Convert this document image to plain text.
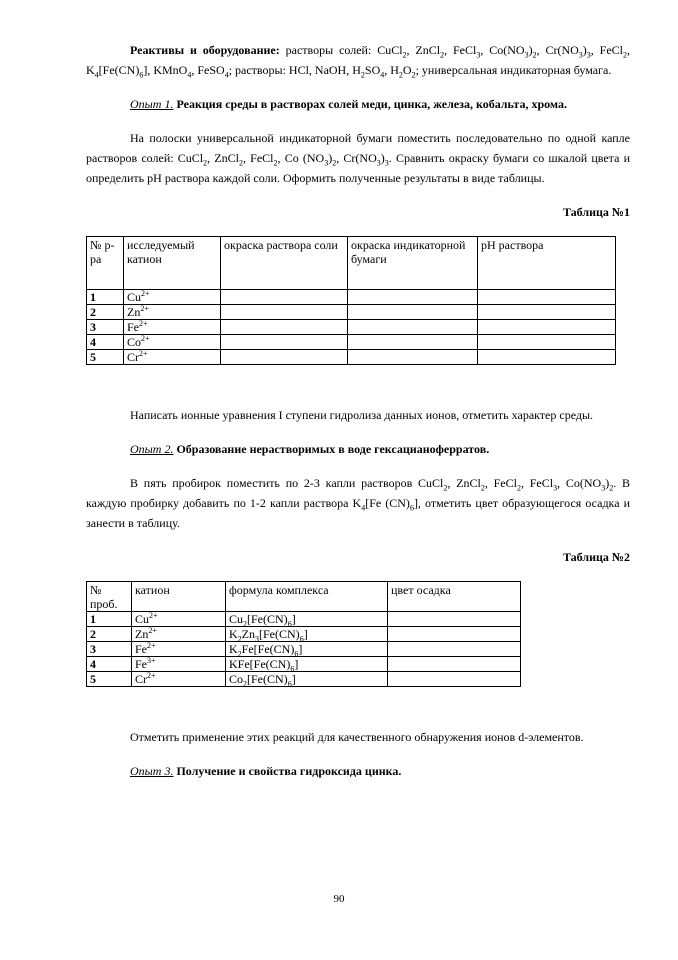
Реактивы и оборудование: растворы солей: CuCl$_2$, ZnCl$_2$, FeCl$_3$, $Co(NO_3)_2$, $Cr(NO_3)_3$, FeCl$_2$, $K_4[Fe(CN)_6]$, KMnO$_4$, FeSO$_4$; растворы: HCl, NaOH, $H_2SO_4$, $H_2O_2$; универсальная индикаторная бумага.

Опыт 1. Реакция среды в растворах солей меди, цинка, железа, кобальта, хрома.

На полоски универсальной индикаторной бумаги поместить последовательно по одной капле растворов солей: CuCl$_2$, ZnCl$_2$, FeCl$_2$, Co $(NO_3)_2$, $Cr(NO_3)_3$. Сравнить окраску бумаги со шкалой цвета и определить pH раствора каждой соли. Оформить полученные результаты в виде таблицы.

Таблица №1

№ р-ра	исследуемый катион	окраска раствора соли	окраска индикаторной бумаги	pH раствора
1	$Cu^{2+}$			
2	$Zn^{2+}$			
3	$Fe^{2+}$			
4	$Co^{2+}$			
5	$Cr^{2+}$			

Написать ионные уравнения I ступени гидролиза данных ионов, отметить характер среды.

Опыт 2. Образование нерастворимых в воде гексацианоферратов.

В пять пробирок поместить по 2-3 капли растворов CuCl$_2$, ZnCl$_2$, FeCl$_2$, FeCl$_3$, $Co(NO_3)_2$. В каждую пробирку добавить по 1-2 капли раствора $K_4[Fe$ $(CN)_6$], отметить цвет образующегося осадка и занести в таблицу.

Таблица №2

№ проб.	катион	формула комплекса	цвет осадка
1	$Cu^{2+}$	$Cu_2[Fe(CN)_6]$	
2	$Zn^{2+}$	$K_2Zn_3[Fe(CN)_6]$	
3	$Fe^{2+}$	$K_2Fe[Fe(CN)_6]$	
4	$Fe^{3+}$	$KFe[Fe(CN)_6]$	
5	$Cr^{2+}$	$Co_2[Fe(CN)_6]$	

Отметить применение этих реакций для качественного обнаружения ионов d-элементов.

Опыт 3. Получение и свойства гидроксида цинка.

90
